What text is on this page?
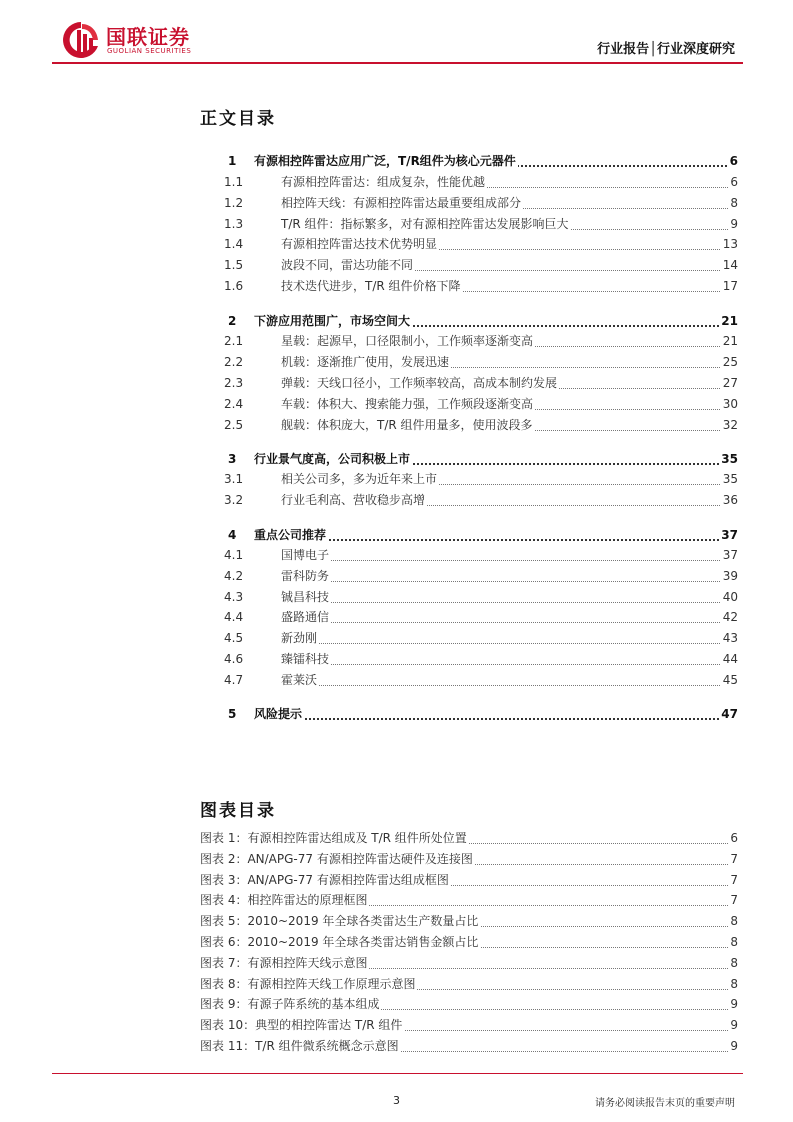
国联证券
GUOLIAN SECURITIES	行业报告│行业深度研究
正文目录
1 有源相控阵雷达应用广泛，T/R组件为核心元器件	6
1.1	有源相控阵雷达：组成复杂，性能优越	6
1.2	相控阵天线：有源相控阵雷达最重要组成部分	8
1.3	T/R 组件：指标繁多，对有源相控阵雷达发展影响巨大	9
1.4	有源相控阵雷达技术优势明显	13
1.5	波段不同，雷达功能不同	14
1.6	技术迭代进步，T/R 组件价格下降	17
2 下游应用范围广，市场空间大	21
2.1	星载：起源早，口径限制小，工作频率逐渐变高	21
2.2	机载：逐渐推广使用，发展迅速	25
2.3	弹载：天线口径小，工作频率较高，高成本制约发展	27
2.4	车载：体积大、搜索能力强，工作频段逐渐变高	30
2.5	舰载：体积庞大，T/R 组件用量多，使用波段多	32
3 行业景气度高，公司积极上市	35
3.1	相关公司多，多为近年来上市	35
3.2	行业毛利高、营收稳步高增	36
4 重点公司推荐	37
4.1	国博电子	37
4.2	雷科防务	39
4.3	铖昌科技	40
4.4	盛路通信	42
4.5	新劲刚	43
4.6	臻镭科技	44
4.7	霍莱沃	45
5 风险提示	47
图表目录
图表 1：有源相控阵雷达组成及 T/R 组件所处位置	6
图表 2：AN/APG-77 有源相控阵雷达硬件及连接图	7
图表 3：AN/APG-77 有源相控阵雷达组成框图	7
图表 4：相控阵雷达的原理框图	7
图表 5：2010~2019 年全球各类雷达生产数量占比	8
图表 6：2010~2019 年全球各类雷达销售金额占比	8
图表 7：有源相控阵天线示意图	8
图表 8：有源相控阵天线工作原理示意图	8
图表 9：有源子阵系统的基本组成	9
图表 10：典型的相控阵雷达 T/R 组件	9
图表 11：T/R 组件微系统概念示意图	9
3	请务必阅读报告末页的重要声明
